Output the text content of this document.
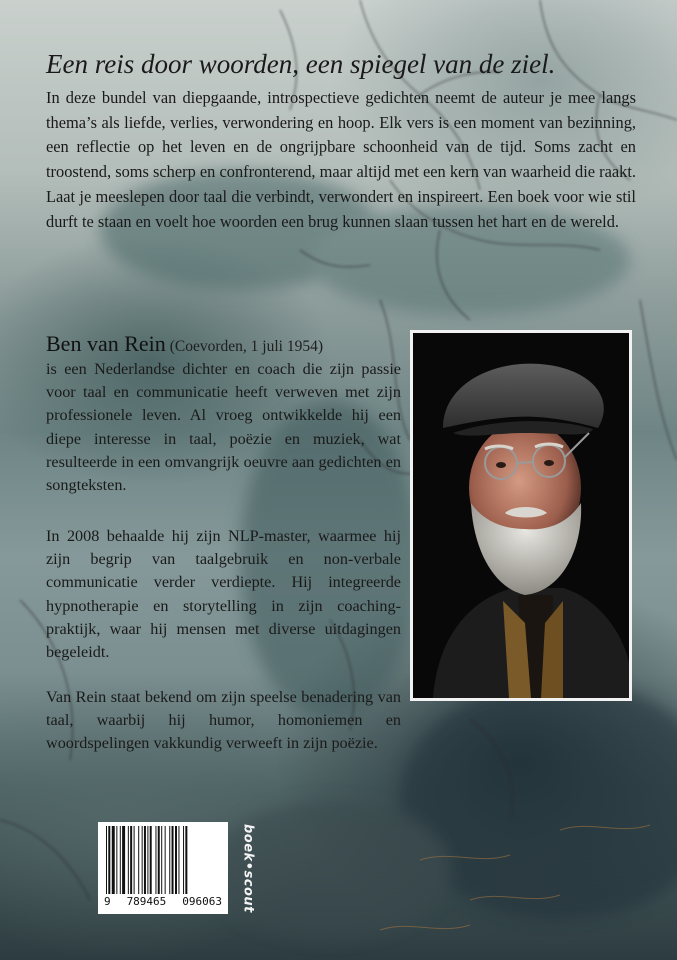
Een reis door woorden, een spiegel van de ziel.

In deze bundel van diepgaande, introspectieve gedichten neemt de auteur je mee langs thema’s als liefde, verlies, verwondering en hoop. Elk vers is een moment van bezinning, een reflectie op het leven en de ongrijpbare schoonheid van de tijd. Soms zacht en troostend, soms scherp en confronterend, maar altijd met een kern van waarheid die raakt. Laat je meeslepen door taal die verbindt, verwondert en inspireert. Een boek voor wie stil durft te staan en voelt hoe woorden een brug kunnen slaan tussen het hart en de wereld.

Ben van Rein (Coevorden, 1 juli 1954)

is een Nederlandse dichter en coach die zijn passie voor taal en communicatie heeft verweven met zijn professionele leven. Al vroeg ontwikkelde hij een diepe interesse in taal, poëzie en muziek, wat resulteerde in een omvangrijk oeuvre aan gedichten en songteksten.

In 2008 behaalde hij zijn NLP-master, waarmee hij zijn begrip van taalgebruik en non-verbale communicatie verder verdiepte. Hij integreerde hypnotherapie en storytelling in zijn coaching-praktijk, waar hij mensen met diverse uitdagingen begeleidt.

Van Rein staat bekend om zijn speelse benadering van taal, waarbij hij humor, homoniemen en woordspelingen vakkundig verweeft in zijn poëzie.

9 789465 096063 boek•scout
